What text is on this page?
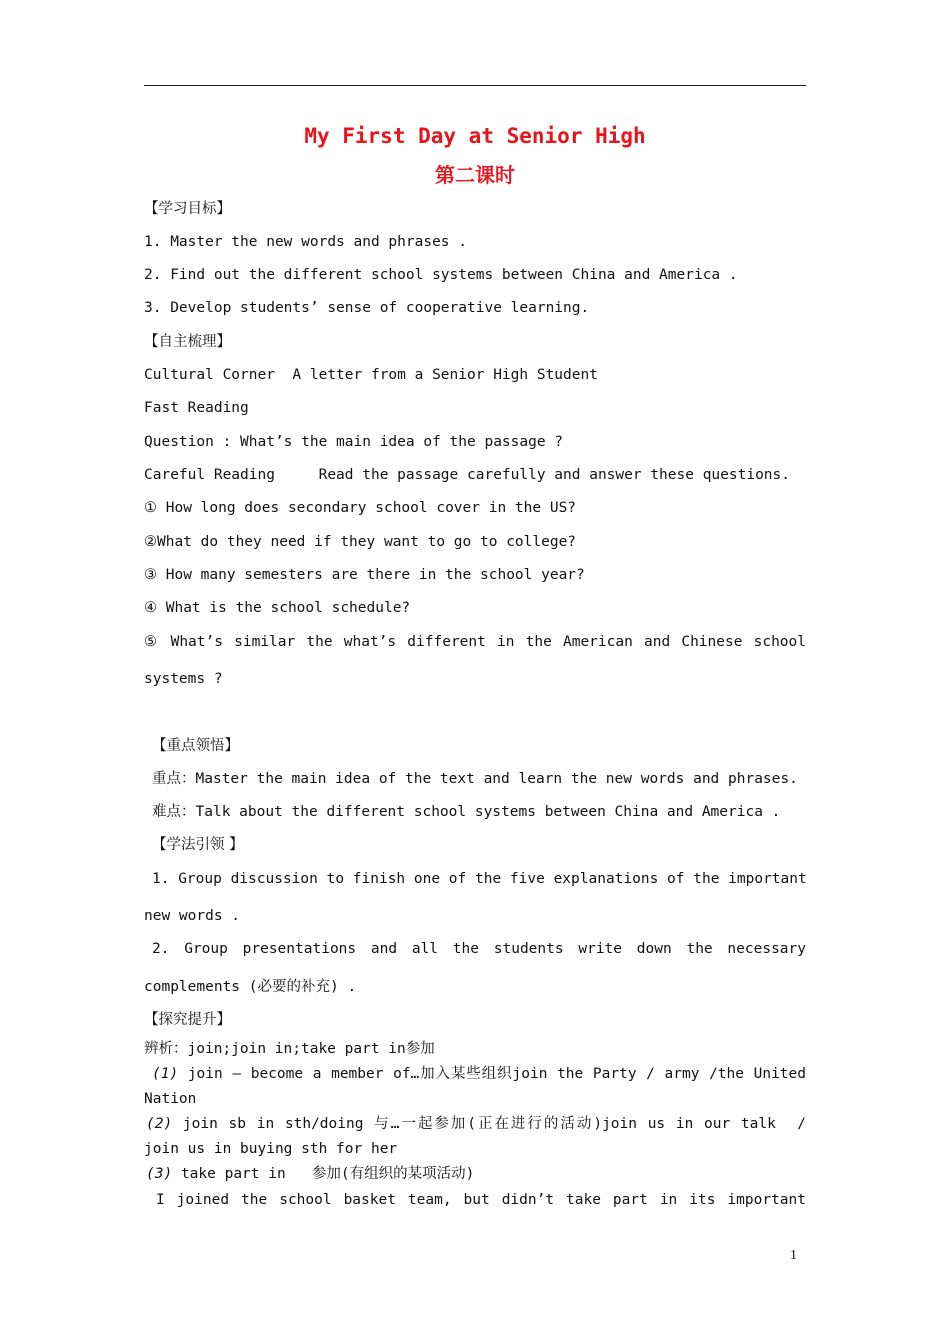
My First Day at Senior High
第二课时
【学习目标】
1. Master the new words and phrases .
2. Find out the different school systems between China and America .
3. Develop students’ sense of cooperative learning.
【自主梳理】
Cultural Corner  A letter from a Senior High Student
Fast Reading
Question : What’s the main idea of the passage ?
Careful Reading     Read the passage carefully and answer these questions.
① How long does secondary school cover in the US?
②What do they need if they want to go to college?
③ How many semesters are there in the school year?
④ What is the school schedule?
⑤ What’s similar the what’s different in the American and Chinese school
systems ?
【重点领悟】
重点：Master the main idea of the text and learn the new words and phrases.
难点：Talk about the different school systems between China and America .
【学法引领 】
1. Group discussion to finish one of the five explanations of the important
new words .
2. Group presentations and all the students write down the necessary
complements (必要的补充) .
【探究提升】
辨析：join;join in;take part in参加
(1) join — become a member of…加入某些组织join the Party / army /the United
Nation
(2) join sb in sth/doing 与…一起参加(正在进行的活动)join us in our talk  /
join us in buying sth for her
(3) take part in   参加(有组织的某项活动)
I joined the school basket team, but didn’t take part in its important
1
